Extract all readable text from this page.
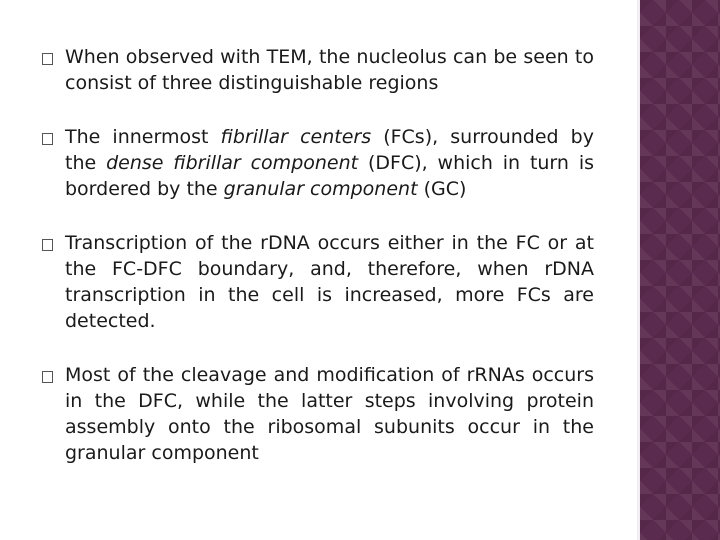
When observed with TEM, the nucleolus can be seen to consist of three distinguishable regions
The innermost fibrillar centers (FCs), surrounded by the dense fibrillar component (DFC), which in turn is bordered by the granular component (GC)
Transcription of the rDNA occurs either in the FC or at the FC-DFC boundary, and, therefore, when rDNA transcription in the cell is increased, more FCs are detected.
Most of the cleavage and modification of rRNAs occurs in the DFC, while the latter steps involving protein assembly onto the ribosomal subunits occur in the granular component
